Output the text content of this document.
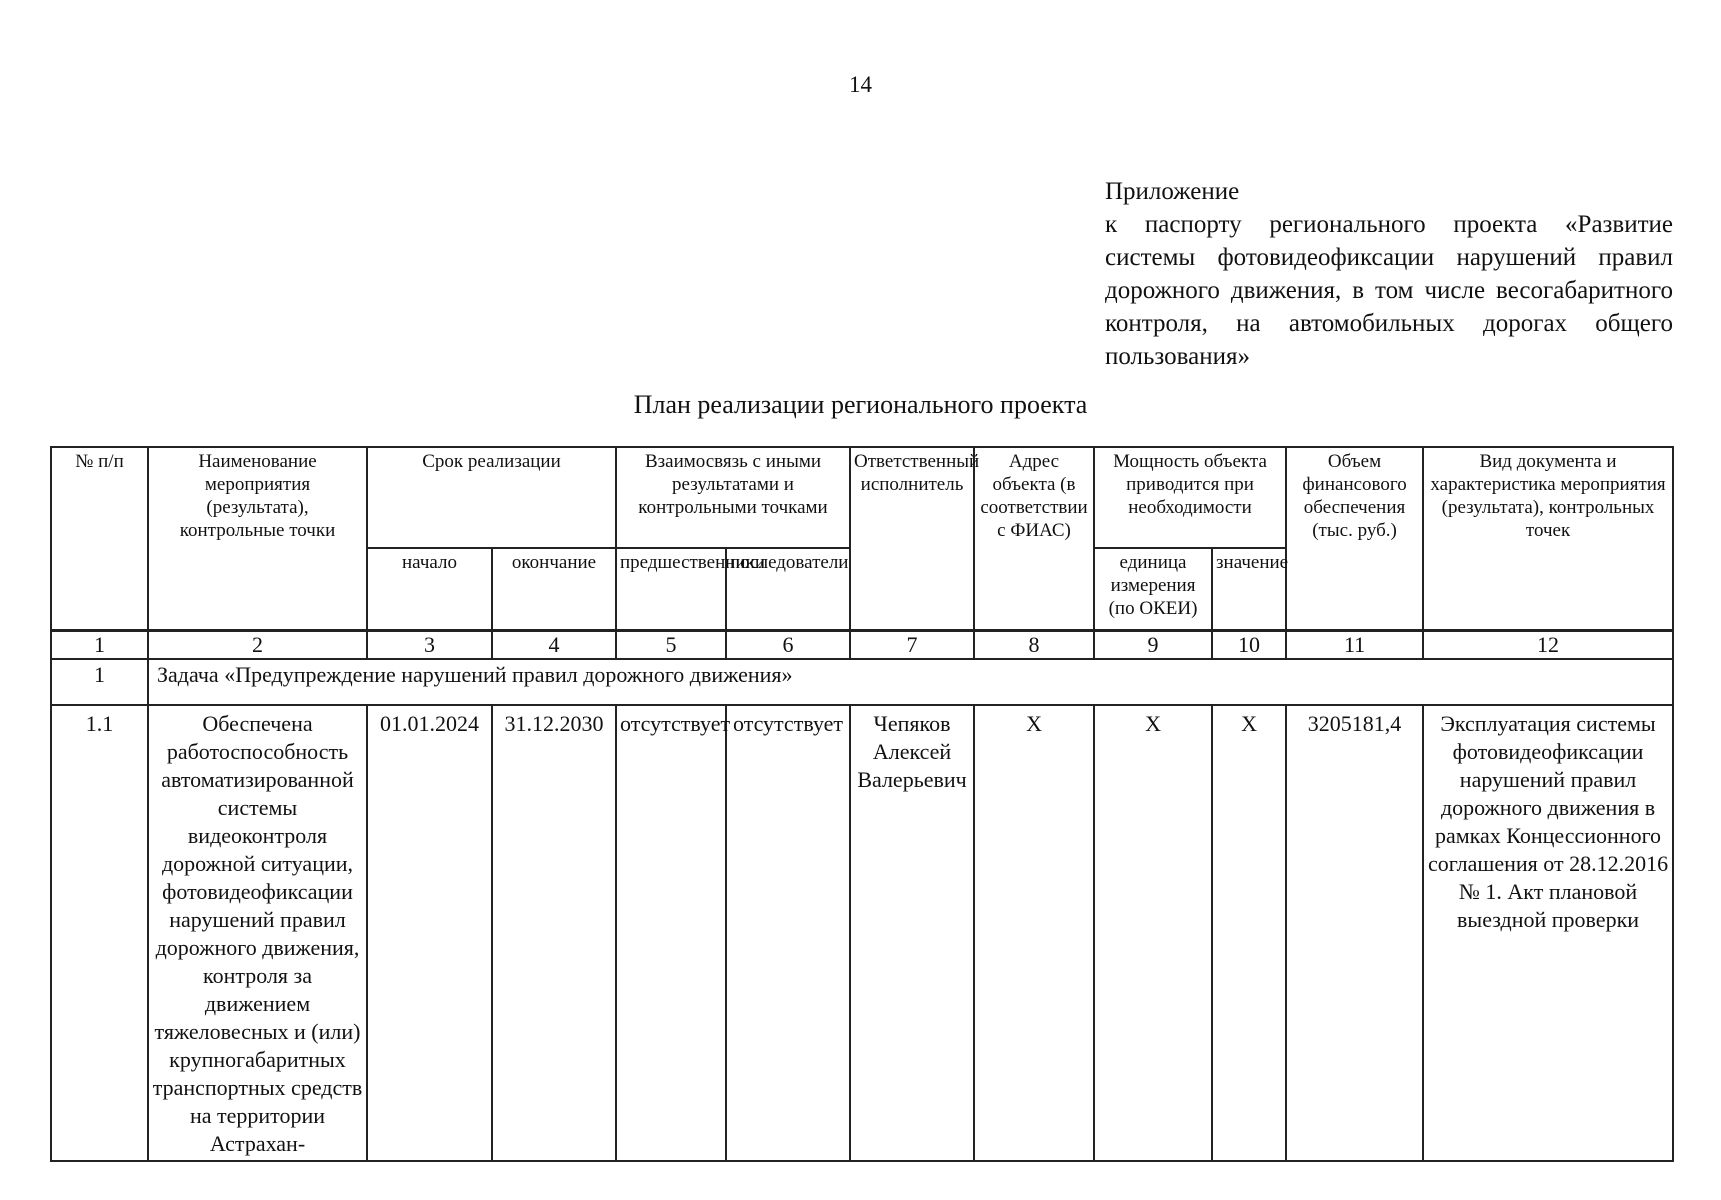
14
Приложение
к паспорту регионального проекта «Развитие системы фотовидеофиксации нарушений правил дорожного движения, в том числе весогабаритного контроля, на автомобильных дорогах общего пользования»
План реализации регионального проекта
№ п/п	Наименование мероприятия (результата), контрольные точки	Срок реализации		Взаимосвязь с иными результатами и контрольными точками		Ответственный исполнитель	Адрес объекта (в соответствии с ФИАС)	Мощность объекта приводится при необходимости		Объем финансового обеспечения (тыс. руб.)	Вид документа и характеристика мероприятия (результата), контрольных точек
		начало	окончание	предшественники	последователи			единица измерения (по ОКЕИ)	значение		
1	2	3	4	5	6	7	8	9	10	11	12
1	Задача «Предупреждение нарушений правил дорожного движения»										
1.1	Обеспечена работоспособность автоматизированной системы видеоконтроля дорожной ситуации, фотовидеофиксации нарушений правил дорожного движения, контроля за движением тяжеловесных и (или) крупногабаритных транспортных средств на территории Астрахан-	01.01.2024	31.12.2030	отсутствует	отсутствует	Чепяков Алексей Валерьевич	Х	Х	Х	3205181,4	Эксплуатация системы фотовидеофиксации нарушений правил дорожного движения в рамках Концессионного соглашения от 28.12.2016 № 1. Акт плановой выездной проверки
